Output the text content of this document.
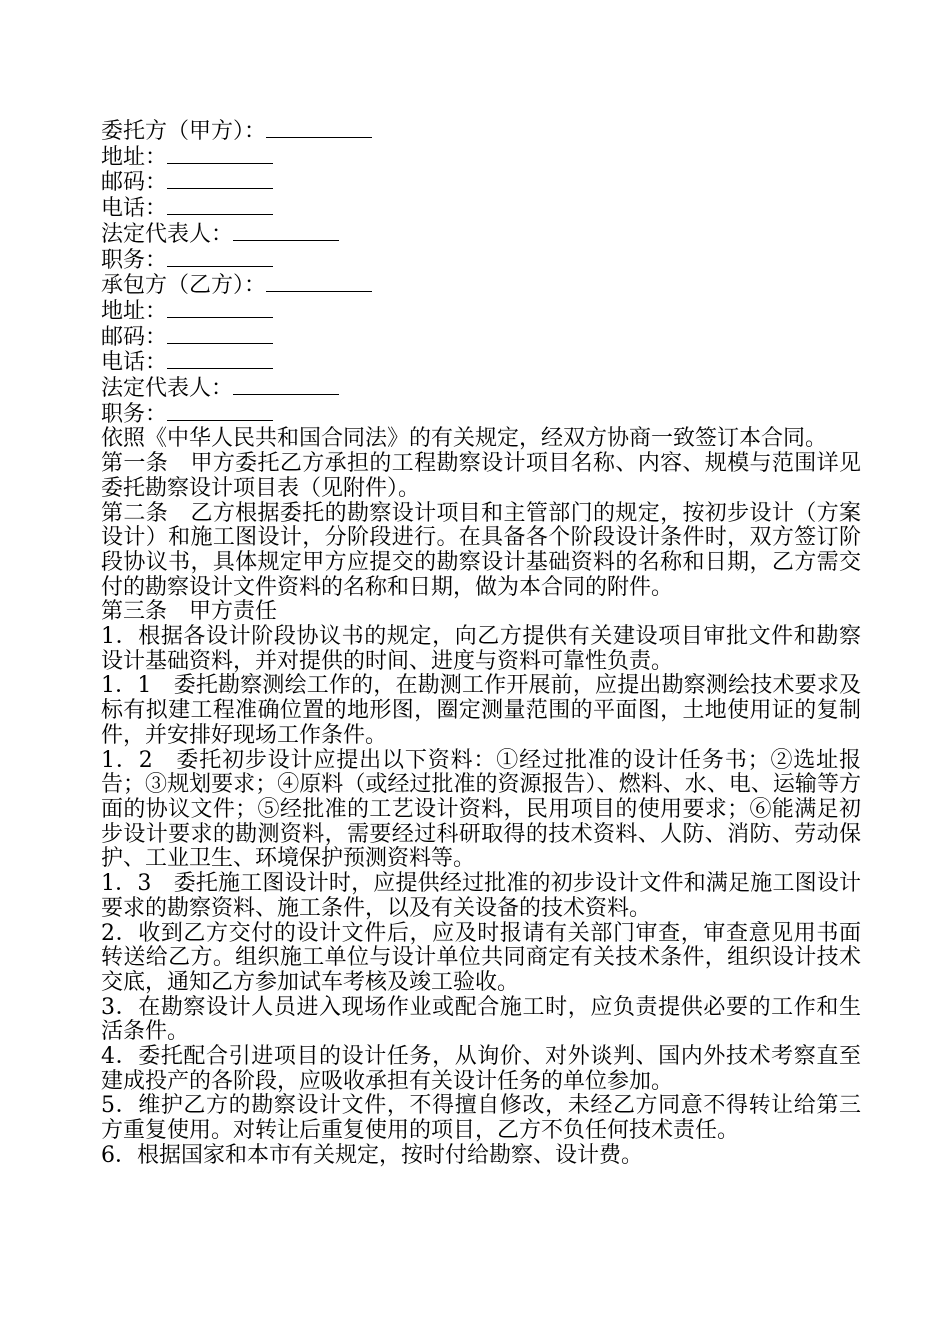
委托方（甲方）：
地址：
邮码：
电话：
法定代表人：
职务：
承包方（乙方）：
地址：
邮码：
电话：
法定代表人：
职务：
依照《中华人民共和国合同法》的有关规定，经双方协商一致签订本合同。
第一条　甲方委托乙方承担的工程勘察设计项目名称、内容、规模与范围详见委托勘察设计项目表（见附件）。
第二条　乙方根据委托的勘察设计项目和主管部门的规定，按初步设计（方案设计）和施工图设计，分阶段进行。在具备各个阶段设计条件时，双方签订阶段协议书，具体规定甲方应提交的勘察设计基础资料的名称和日期，乙方需交付的勘察设计文件资料的名称和日期，做为本合同的附件。
第三条　甲方责任
1．根据各设计阶段协议书的规定，向乙方提供有关建设项目审批文件和勘察设计基础资料，并对提供的时间、进度与资料可靠性负责。
1．1　委托勘察测绘工作的，在勘测工作开展前，应提出勘察测绘技术要求及标有拟建工程准确位置的地形图，圈定测量范围的平面图，土地使用证的复制件，并安排好现场工作条件。
1．2　委托初步设计应提出以下资料：①经过批准的设计任务书；②选址报告；③规划要求；④原料（或经过批准的资源报告）、燃料、水、电、运输等方面的协议文件；⑤经批准的工艺设计资料，民用项目的使用要求；⑥能满足初步设计要求的勘测资料，需要经过科研取得的技术资料、人防、消防、劳动保护、工业卫生、环境保护预测资料等。
1．3　委托施工图设计时，应提供经过批准的初步设计文件和满足施工图设计要求的勘察资料、施工条件，以及有关设备的技术资料。
2．收到乙方交付的设计文件后，应及时报请有关部门审查，审查意见用书面转送给乙方。组织施工单位与设计单位共同商定有关技术条件，组织设计技术交底，通知乙方参加试车考核及竣工验收。
3．在勘察设计人员进入现场作业或配合施工时，应负责提供必要的工作和生活条件。
4．委托配合引进项目的设计任务，从询价、对外谈判、国内外技术考察直至建成投产的各阶段，应吸收承担有关设计任务的单位参加。
5．维护乙方的勘察设计文件，不得擅自修改，未经乙方同意不得转让给第三方重复使用。对转让后重复使用的项目，乙方不负任何技术责任。
6．根据国家和本市有关规定，按时付给勘察、设计费。
